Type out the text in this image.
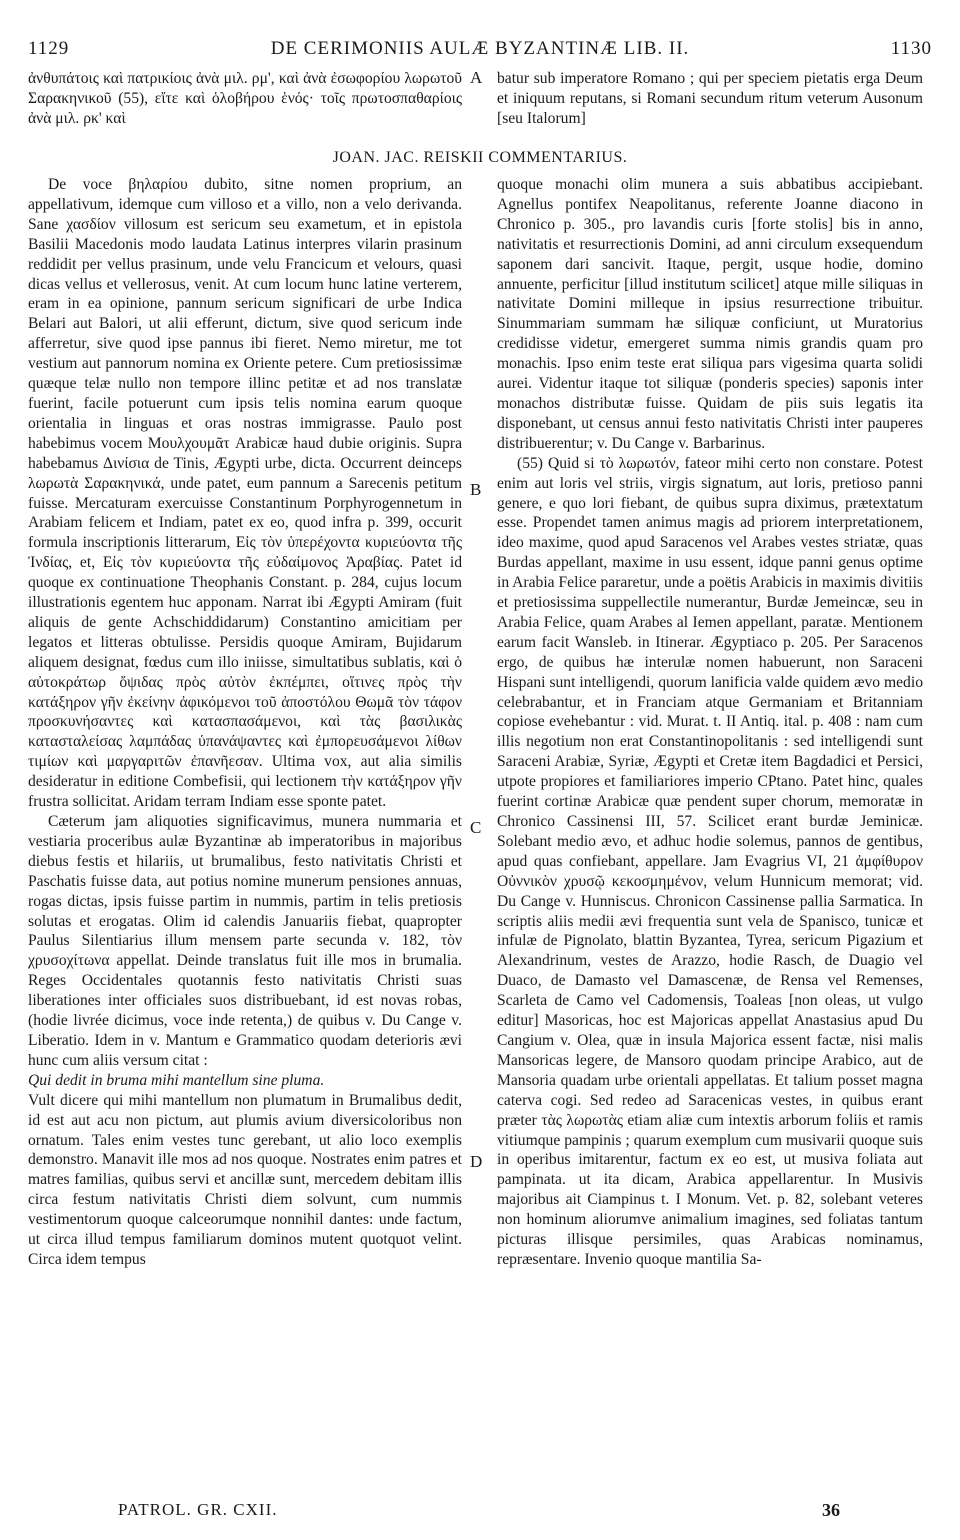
1129	DE CERIMONIIS AULÆ BYZANTINÆ LIB. II.	1130

ἀνθυπάτοις καὶ πατρικίοις ἀνὰ μιλ. ρμ', καὶ ἀνὰ ἐσωφορίου λωρωτοῦ Σαρακηνικοῦ (55), εἴτε καὶ ὁλοβήρου ἑνός· τοῖς πρωτοσπαθαρίοις ἀνὰ μιλ. ρκ' καὶ

batur sub imperatore Romano ; qui per speciem pietatis erga Deum et iniquum reputans, si Romani secundum ritum veterum Ausonum [seu Italorum]

JOAN. JAC. REISKII COMMENTARIUS.

De voce βηλαρίου dubito, sitne nomen proprium, an appellativum, idemque cum villoso et a villo, non a velo derivanda. Sane χασδίον villosum est sericum seu exametum, et in epistola Basilii Macedonis modo laudata Latinus interpres vilarin prasinum reddidit per vellus prasinum, unde velu Francicum et velours, quasi dicas vellus et vellerosus, venit. At cum locum hunc latine verterem, eram in ea opinione, pannum sericum significari de urbe Indica Belari aut Balori, ut alii efferunt, dictum, sive quod sericum inde afferretur, sive quod ipse pannus ibi fieret. Nemo miretur, me tot vestium aut pannorum nomina ex Oriente petere. Cum pretiosissimæ quæque telæ nullo non tempore illinc petitæ et ad nos translatæ fuerint, facile potuerunt cum ipsis telis nomina earum quoque orientalia in linguas et oras nostras immigrasse. Paulo post habebimus vocem Μουλχουμᾶτ Arabicæ haud dubie originis. Supra habebamus Δινίσια de Tinis, Ægypti urbe, dicta. Occurrent deinceps λωρωτὰ Σαρακηνικά, unde patet, eum pannum a Sarecenis petitum fuisse. Mercaturam exercuisse Constantinum Porphyrogennetum in Arabiam felicem et Indiam, patet ex eo, quod infra p. 399, occurit formula inscriptionis litterarum, Εἰς τὸν ὑπερέχοντα κυριεύοντα τῆς Ἰνδίας, et, Εἰς τὸν κυριεύοντα τῆς εὐδαίμονος Ἀραβίας. Patet id quoque ex continuatione Theophanis Constant. p. 284, cujus locum illustrationis egentem huc apponam. Narrat ibi Ægypti Amiram (fuit aliquis de gente Achschiddidarum) Constantino amicitiam per legatos et litteras obtulisse. Persidis quoque Amiram, Bujidarum aliquem designat, fœdus cum illo iniisse, simultatibus sublatis, καὶ ὁ αὐτοκράτωρ ὄψιδας πρὸς αὐτὸν ἐκπέμπει, οἵτινες πρὸς τὴν κατάξηρον γῆν ἐκείνην ἀφικόμενοι τοῦ ἀποστόλου Θωμᾶ τὸν τάφον προσκυνήσαντες καὶ κατασπασάμενοι, καὶ τὰς βασιλικὰς κατασταλείσας λαμπάδας ὑπανάψαντες καὶ ἐμπορευσάμενοι λίθων τιμίων καὶ μαργαριτῶν ἐπανῆεσαν. Ultima vox, aut alia similis desideratur in editione Combefisii, qui lectionem τὴν κατάξηρον γῆν frustra sollicitat. Aridam terram Indiam esse sponte patet.

Cæterum jam aliquoties significavimus, munera nummaria et vestiaria proceribus aulæ Byzantinæ ab imperatoribus in majoribus diebus festis et hilariis, ut brumalibus, festo nativitatis Christi et Paschatis fuisse data, aut potius nomine munerum pensiones annuas, rogas dictas, ipsis fuisse partim in nummis, partim in telis pretiosis solutas et erogatas. Olim id calendis Januariis fiebat, quapropter Paulus Silentiarius illum mensem parte secunda v. 182, τὸν χρυσοχίτωνα appellat. Deinde translatus fuit ille mos in brumalia. Reges Occidentales quotannis festo nativitatis Christi suas liberationes inter officiales suos distribuebant, id est novas robas, (hodie livrée dicimus, voce inde retenta,) de quibus v. Du Cange v. Liberatio. Idem in v. Mantum e Grammatico quodam deterioris ævi hunc cum aliis versum citat :

Qui dedit in bruma mihi mantellum sine pluma.

Vult dicere qui mihi mantellum non plumatum in Brumalibus dedit, id est aut acu non pictum, aut plumis avium diversicoloribus non ornatum. Tales enim vestes tunc gerebant, ut alio loco exemplis demonstro. Manavit ille mos ad nos quoque. Nostrates enim patres et matres familias, quibus servi et ancillæ sunt, mercedem debitam illis circa festum nativitatis Christi diem solvunt, cum nummis vestimentorum quoque calceorumque nonnihil dantes: unde factum, ut circa illud tempus familiarum dominos mutent quotquot velint. Circa idem tempus

quoque monachi olim munera a suis abbatibus accipiebant. Agnellus pontifex Neapolitanus, referente Joanne diacono in Chronico p. 305., pro lavandis curis [forte stolis] bis in anno, nativitatis et resurrectionis Domini, ad anni circulum exsequendum saponem dari sancivit. Itaque, pergit, usque hodie, domino annuente, perficitur [illud institutum scilicet] atque mille siliquas in nativitate Domini milleque in ipsius resurrectione tribuitur. Sinummariam summam hæ siliquæ conficiunt, ut Muratorius credidisse videtur, emergeret summa nimis grandis quam pro monachis. Ipso enim teste erat siliqua pars vigesima quarta solidi aurei. Videntur itaque tot siliquæ (ponderis species) saponis inter monachos distributæ fuisse. Quidam de piis suis legatis ita disponebant, ut census annui festo nativitatis Christi inter pauperes distribuerentur; v. Du Cange v. Barbarinus.

(55) Quid si τὸ λωρωτόν, fateor mihi certo non constare. Potest enim aut loris vel striis, virgis signatum, aut loris, pretioso panni genere, e quo lori fiebant, de quibus supra diximus, prætextatum esse. Propendet tamen animus magis ad priorem interpretationem, ideo maxime, quod apud Saracenos vel Arabes vestes striatæ, quas Burdas appellant, maxime in usu essent, idque panni genus optime in Arabia Felice pararetur, unde a poëtis Arabicis in maximis divitiis et pretiosissima suppellectile numerantur, Burdæ Jemeincæ, seu in Arabia Felice, quam Arabes al Iemen appellant, paratæ. Mentionem earum facit Wansleb. in Itinerar. Ægyptiaco p. 205. Per Saracenos ergo, de quibus hæ interulæ nomen habuerunt, non Saraceni Hispani sunt intelligendi, quorum lanificia valde quidem ævo medio celebrabantur, et in Franciam atque Germaniam et Britanniam copiose evehebantur : vid. Murat. t. II Antiq. ital. p. 408 : nam cum illis negotium non erat Constantinopolitanis : sed intelligendi sunt Saraceni Arabiæ, Syriæ, Ægypti et Cretæ item Bagdadici et Persici, utpote propiores et familiariores imperio CPtano. Patet hinc, quales fuerint cortinæ Arabicæ quæ pendent super chorum, memoratæ in Chronico Cassinensi III, 57. Scilicet erant burdæ Jeminicæ. Solebant medio ævo, et adhuc hodie solemus, pannos de gentibus, apud quas confiebant, appellare. Jam Evagrius VI, 21 ἀμφίθυρον Οὐννικὸν χρυσῷ κεκοσμημένον, velum Hunnicum memorat; vid. Du Cange v. Hunniscus. Chronicon Cassinense pallia Sarmatica. In scriptis aliis medii ævi frequentia sunt vela de Spanisco, tunicæ et infulæ de Pignolato, blattin Byzantea, Tyrea, sericum Pigazium et Alexandrinum, vestes de Arazzo, hodie Rasch, de Duagio vel Duaco, de Damasto vel Damascenæ, de Rensa vel Remenses, Scarleta de Camo vel Cadomensis, Toaleas [non oleas, ut vulgo editur] Masoricas, hoc est Majoricas appellat Anastasius apud Du Cangium v. Olea, quæ in insula Majorica essent factæ, nisi malis Mansoricas legere, de Mansoro quodam principe Arabico, aut de Mansoria quadam urbe orientali appellatas. Et talium posset magna caterva cogi. Sed redeo ad Saracenicas vestes, in quibus erant præter τὰς λωρωτὰς etiam aliæ cum intextis arborum foliis et ramis vitiumque pampinis ; quarum exemplum cum musivarii quoque suis in operibus imitarentur, factum ex eo est, ut musiva foliata aut pampinata. ut ita dicam, Arabica appellarentur. In Musivis majoribus ait Ciampinus t. I Monum. Vet. p. 82, solebant veteres non hominum aliorumve animalium imagines, sed foliatas tantum picturas illisque persimiles, quas Arabicas nominamus, repræsentare. Invenio quoque mantilia Sa-

A
B
C
D
PATROL. GR. CXII.	36
